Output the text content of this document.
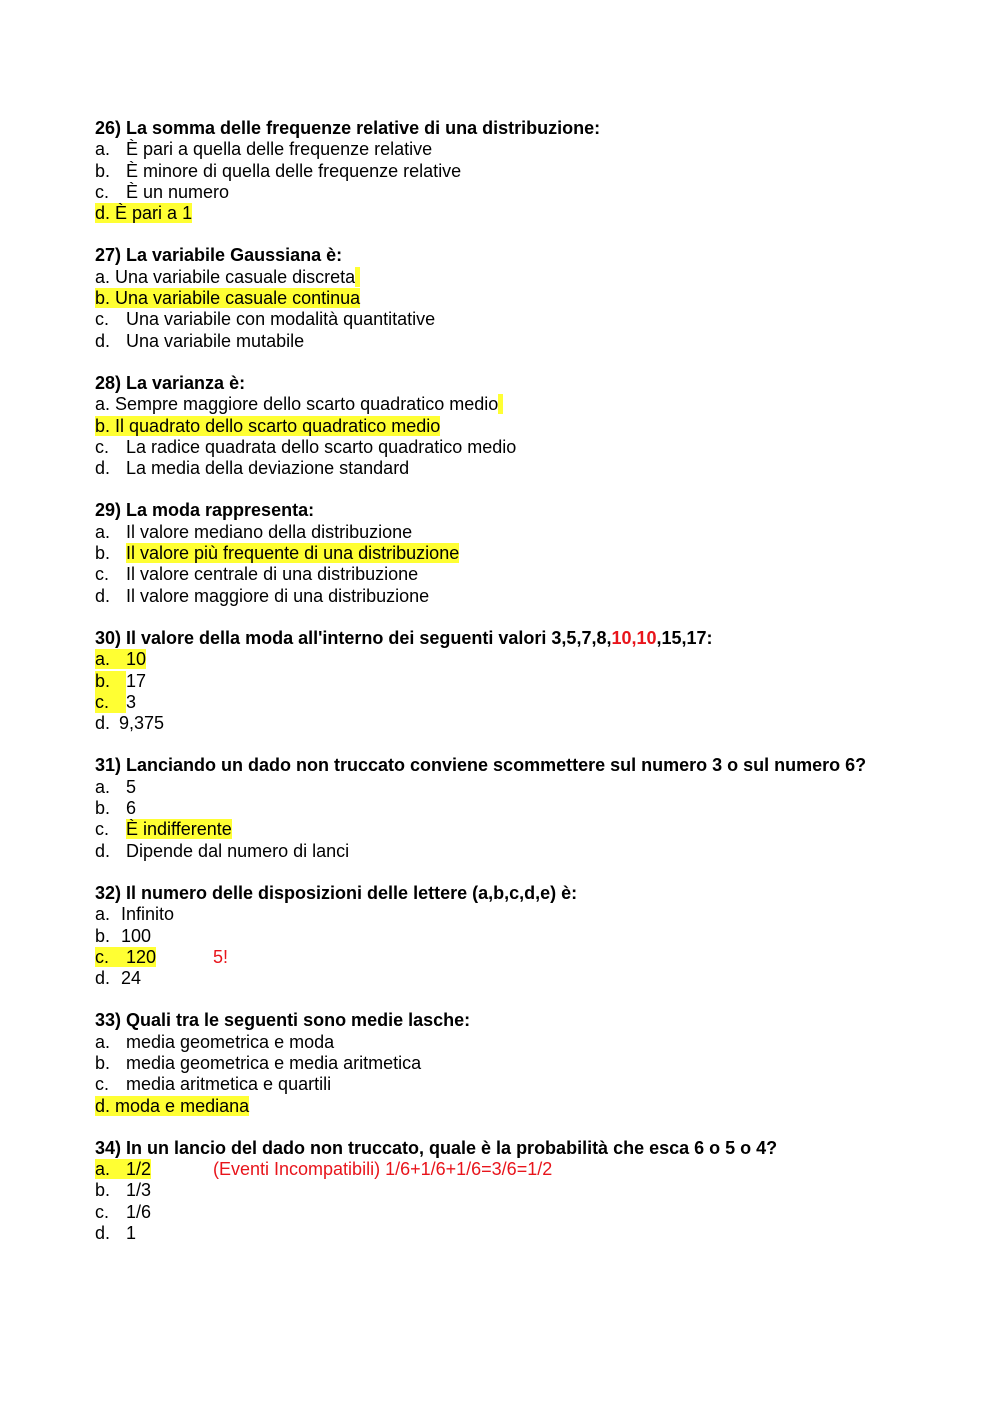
26) La somma delle frequenze relative di una distribuzione:
a. È pari a quella delle frequenze relative
b. È minore di quella delle frequenze relative
c. È un numero
d. È pari a 1
27) La variabile Gaussiana è:
a. Una variabile casuale discreta
b. Una variabile casuale continua
c. Una variabile con modalità quantitative
d. Una variabile mutabile
28) La varianza è:
a. Sempre maggiore dello scarto quadratico medio
b. Il quadrato dello scarto quadratico medio
c. La radice quadrata dello scarto quadratico medio
d. La media della deviazione standard
29) La moda rappresenta:
a. Il valore mediano della distribuzione
b. Il valore più frequente di una distribuzione
c. Il valore centrale di una distribuzione
d. Il valore maggiore di una distribuzione
30) Il valore della moda all'interno dei seguenti valori 3,5,7,8,10,10,15,17:
a. 10
b. 17
c. 3
d. 9,375
31) Lanciando un dado non truccato conviene scommettere sul numero 3 o sul numero 6?
a. 5
b. 6
c. È indifferente
d. Dipende dal numero di lanci
32) Il numero delle disposizioni delle lettere (a,b,c,d,e) è:
a. Infinito
b. 100
c. 120	5!
d. 24
33) Quali tra le seguenti sono medie lasche:
a. media geometrica e moda
b. media geometrica e media aritmetica
c. media aritmetica e quartili
d. moda e mediana
34) In un lancio del dado non truccato, quale è la probabilità che esca 6 o 5 o 4?
a. 1/2	(Eventi Incompatibili) 1/6+1/6+1/6=3/6=1/2
b. 1/3
c. 1/6
d. 1
